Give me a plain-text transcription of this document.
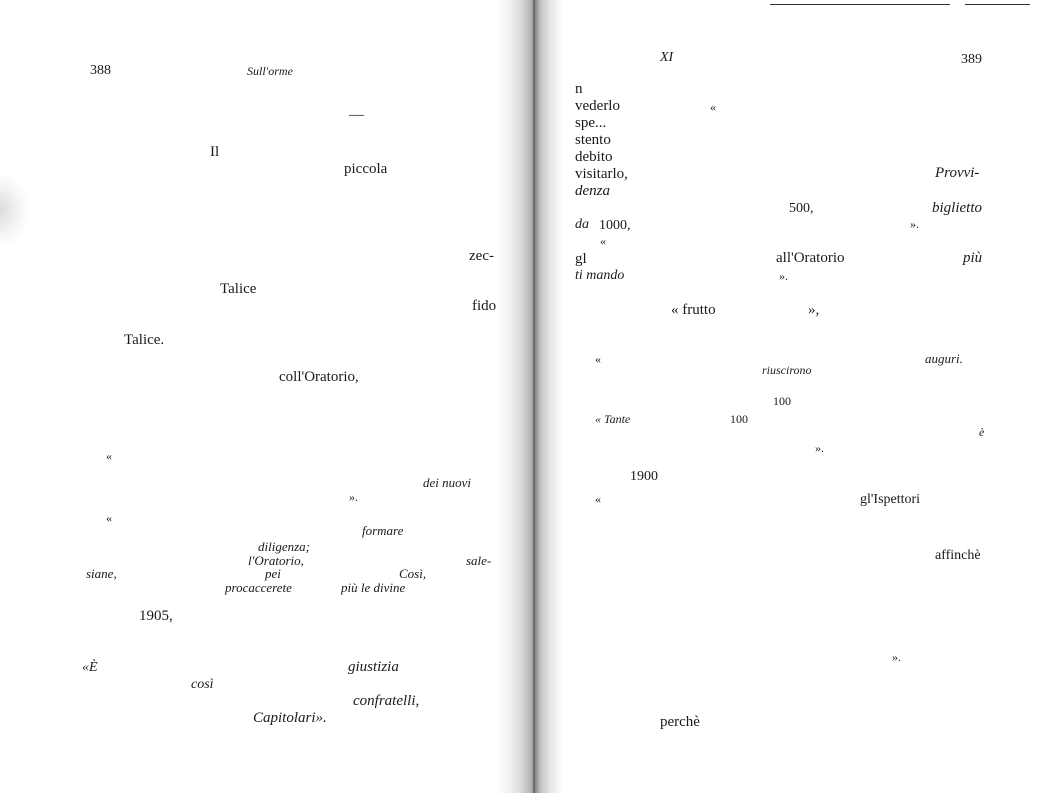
388	Sull'orme
—
Il
piccola
zec-
Talice
fido
Talice.
coll'Oratorio,
«
dei nuovi
».
«
formare
diligenza;
l'Oratorio,	sale-
siane,	pei	Così,
procaccerete	più le divine
1905,
«È	giustizia
così
confratelli,
Capitolari».
XI	389
n
vederlo	«
spe...
stento
debito
visitarlo,	Provvi-
denza
500,	biglietto
da 1000,	».
«
gl	all'Oratorio	più
ti mando	».
« frutto	»,
«	auguri.
riuscirono
100
« Tante	100
è
».
1900
«	gl'Ispettori
affinchè
».
perchè
